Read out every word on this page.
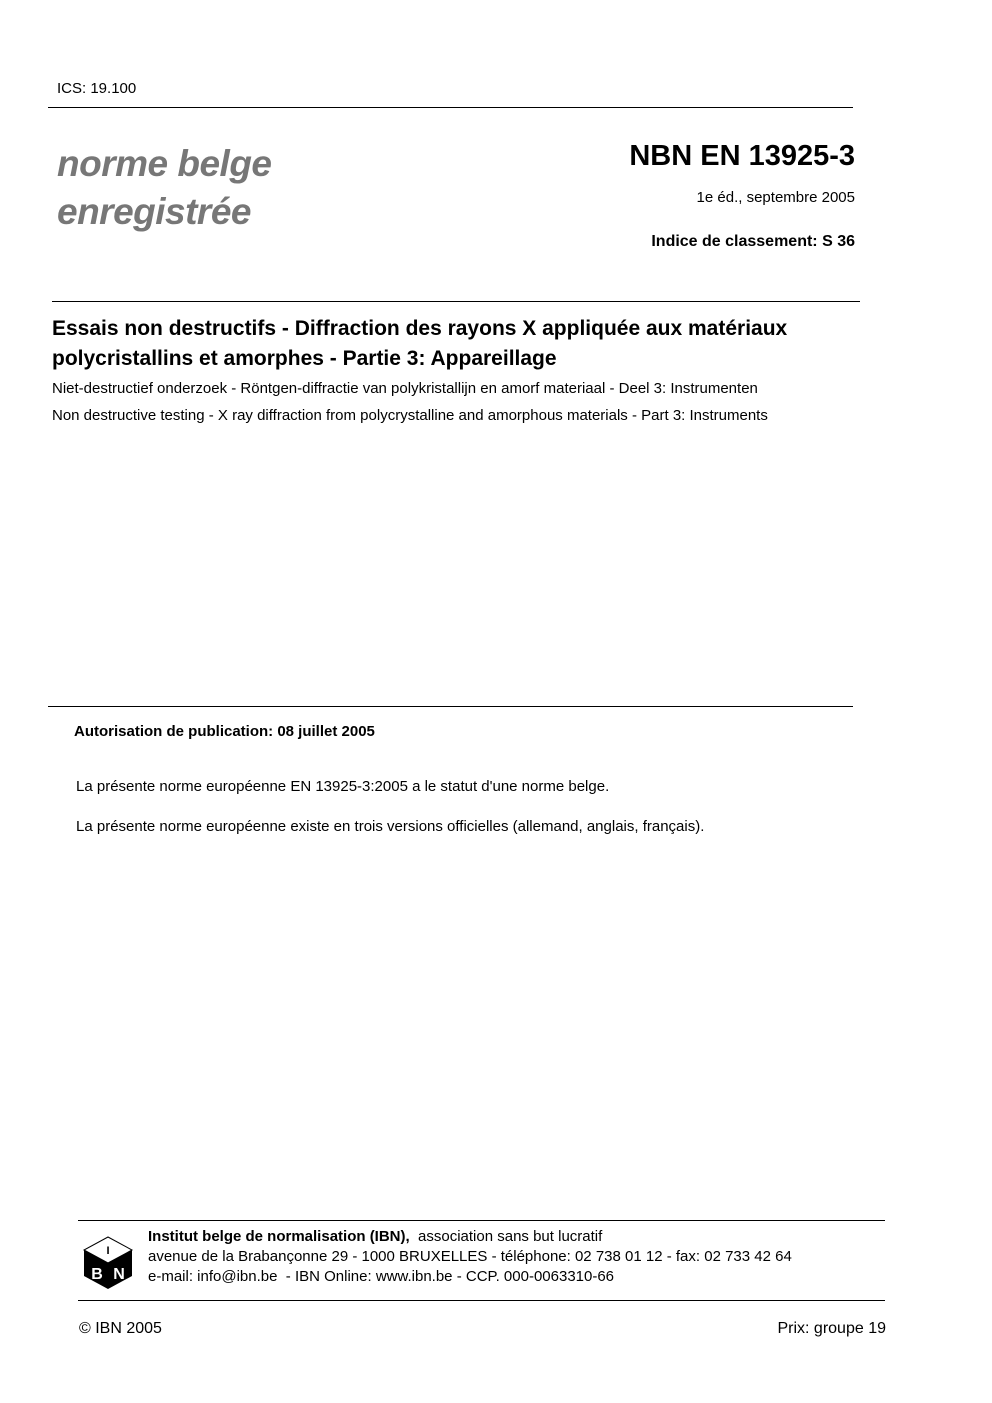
ICS: 19.100
norme belge
enregistrée
NBN EN 13925-3
1e éd., septembre 2005
Indice de classement: S 36
Essais non destructifs - Diffraction des rayons X appliquée aux matériaux polycristallins et amorphes - Partie 3: Appareillage
Niet-destructief onderzoek - Röntgen-diffractie van polykristallijn en amorf materiaal - Deel 3: Instrumenten
Non destructive testing - X ray diffraction from polycrystalline and amorphous materials - Part 3: Instruments
Autorisation de publication: 08 juillet 2005
La présente norme européenne EN 13925-3:2005 a le statut d'une norme belge.
La présente norme européenne existe en trois versions officielles (allemand, anglais, français).
I
B N
Institut belge de normalisation (IBN), association sans but lucratif
avenue de la Brabançonne 29 - 1000 BRUXELLES - téléphone: 02 738 01 12 - fax: 02 733 42 64
e-mail: info@ibn.be  - IBN Online: www.ibn.be - CCP. 000-0063310-66
© IBN 2005	Prix: groupe 19
